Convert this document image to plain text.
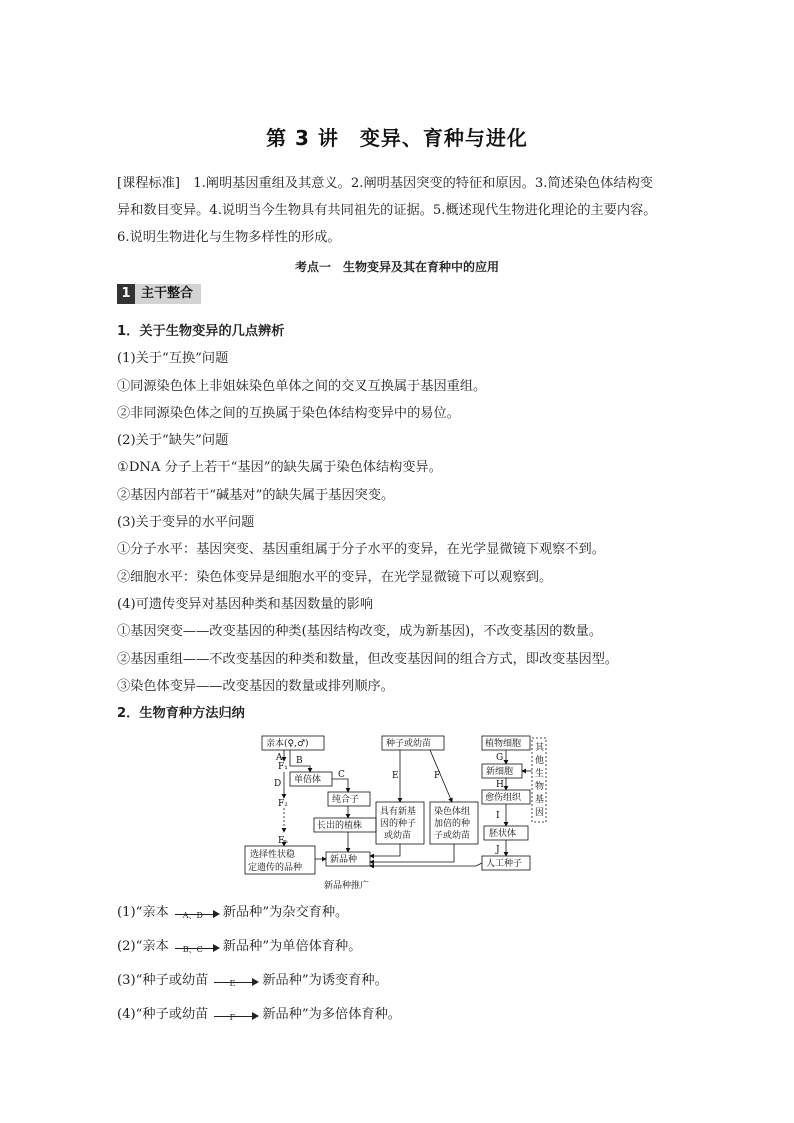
第 3 讲　变异、育种与进化

[课程标准]　1.阐明基因重组及其意义。2.阐明基因突变的特征和原因。3.简述染色体结构变

异和数目变异。4.说明当今生物具有共同祖先的证据。5.概述现代生物进化理论的主要内容。

6.说明生物进化与生物多样性的形成。

考点一　生物变异及其在育种中的应用
1 主干整合

1．关于生物变异的几点辨析

(1)关于“互换”问题

①同源染色体上非姐妹染色单体之间的交叉互换属于基因重组。

②非同源染色体之间的互换属于染色体结构变异中的易位。

(2)关于“缺失”问题

①DNA 分子上若干“基因”的缺失属于染色体结构变异。

②基因内部若干“碱基对”的缺失属于基因突变。

(3)关于变异的水平问题

①分子水平：基因突变、基因重组属于分子水平的变异，在光学显微镜下观察不到。

②细胞水平：染色体变异是细胞水平的变异，在光学显微镜下可以观察到。

(4)可遗传变异对基因种类和基因数量的影响

①基因突变——改变基因的种类(基因结构改变，成为新基因)，不改变基因的数量。

②基因重组——不改变基因的种类和数量，但改变基因间的组合方式，即改变基因型。

③染色体变异——改变基因的数量或排列顺序。

2．生物育种方法归纳

亲本(♀,♂)
F₁
F₂
Fₙ
单倍体
纯合子
长出的植株
选择性状稳
定遗传的品种
新品种
新品种推广
种子或幼苗
具有新基
因的种子
或幼苗
染色体组
加倍的种
子或幼苗
植物细胞
新细胞
愈伤组织
胚状体
人工种子
其
他
生
物
基
因
A B
C
D
E	F
G
H
I
J

(1)“亲本	A、D	新品种”为杂交育种。

(2)“亲本	B、C	新品种”为单倍体育种。

(3)“种子或幼苗	E	新品种”为诱变育种。

(4)“种子或幼苗	F	新品种”为多倍体育种。
